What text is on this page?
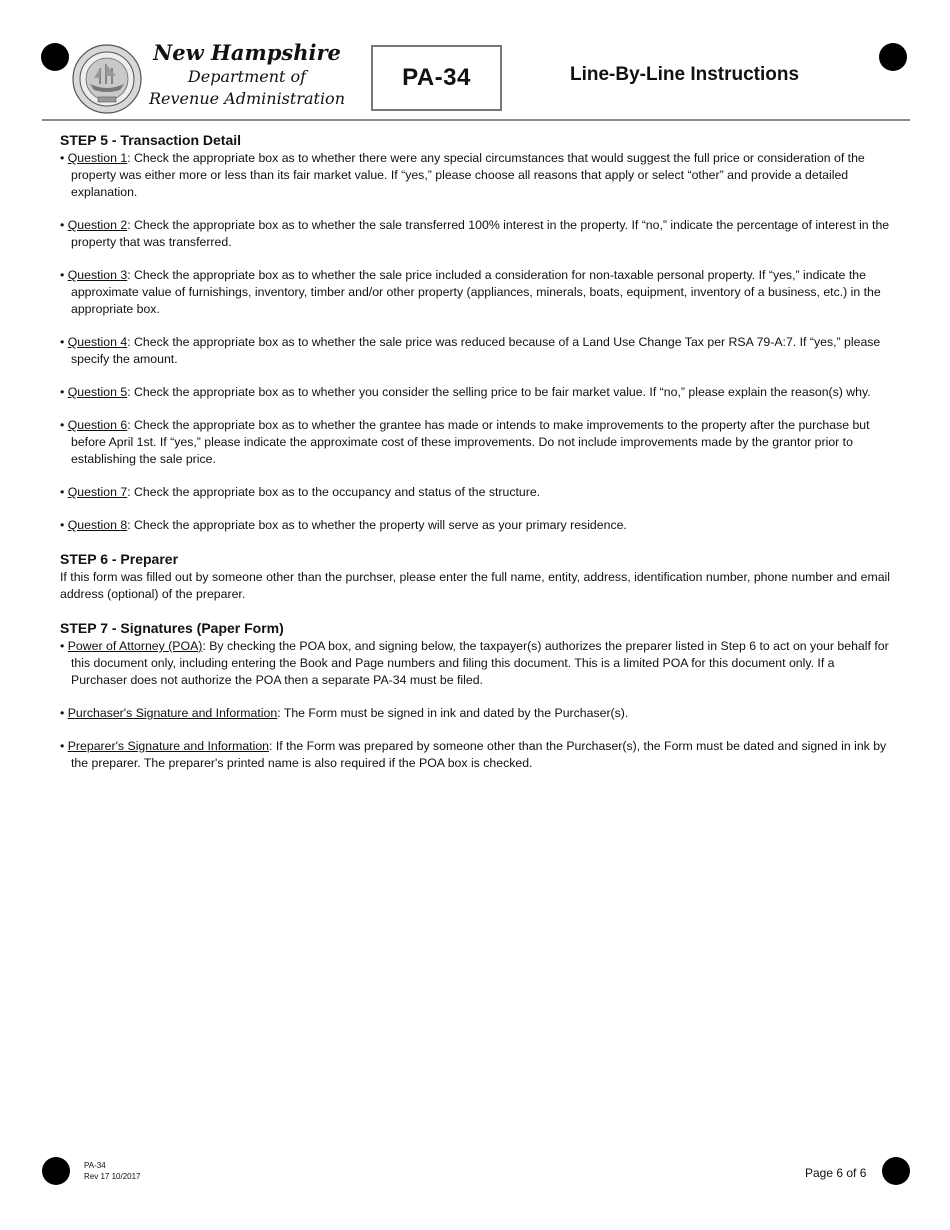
New Hampshire
Department of
Revenue Administration
PA-34	Line-By-Line Instructions
STEP 5 - Transaction Detail

• Question 1: Check the appropriate box as to whether there were any special circumstances that would suggest the full price or consideration of the property was either more or less than its fair market value. If “yes,” please choose all reasons that apply or select “other” and provide a detailed explanation.

• Question 2: Check the appropriate box as to whether the sale transferred 100% interest in the property. If “no,” indicate the percentage of interest in the property that was transferred.

• Question 3: Check the appropriate box as to whether the sale price included a consideration for non-taxable personal property. If “yes,” indicate the approximate value of furnishings, inventory, timber and/or other property (appliances, minerals, boats, equipment, inventory of a business, etc.) in the appropriate box.

• Question 4: Check the appropriate box as to whether the sale price was reduced because of a Land Use Change Tax per RSA 79-A:7. If “yes,” please specify the amount.

• Question 5: Check the appropriate box as to whether you consider the selling price to be fair market value. If “no,” please explain the reason(s) why.

• Question 6: Check the appropriate box as to whether the grantee has made or intends to make improvements to the property after the purchase but before April 1st. If “yes,” please indicate the approximate cost of these improvements. Do not include improvements made by the grantor prior to establishing the sale price.

• Question 7: Check the appropriate box as to the occupancy and status of the structure.

• Question 8: Check the appropriate box as to whether the property will serve as your primary residence.

STEP 6 - Preparer

If this form was filled out by someone other than the purchser, please enter the full name, entity, address, identification number, phone number and email address (optional) of the preparer.

STEP 7 - Signatures (Paper Form)

• Power of Attorney (POA): By checking the POA box, and signing below, the taxpayer(s) authorizes the preparer listed in Step 6 to act on your behalf for this document only, including entering the Book and Page numbers and filing this document. This is a limited POA for this document only. If a Purchaser does not authorize the POA then a separate PA-34 must be filed.

• Purchaser's Signature and Information: The Form must be signed in ink and dated by the Purchaser(s).

• Preparer's Signature and Information: If the Form was prepared by someone other than the Purchaser(s), the Form must be dated and signed in ink by the preparer. The preparer's printed name is also required if the POA box is checked.

PA-34
Rev 17 10/2017	Page 6 of 6
